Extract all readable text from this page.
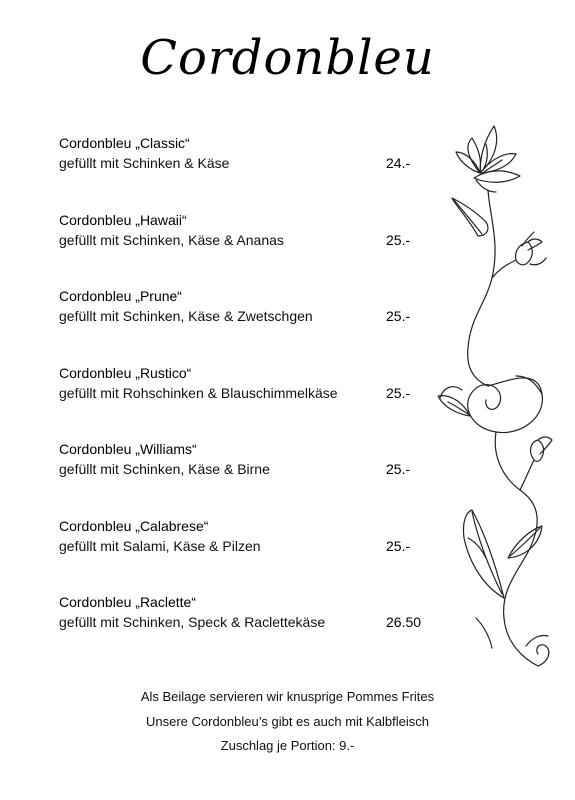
Cordonbleu
Cordonbleu „Classic“
gefüllt mit Schinken & Käse	24.-
Cordonbleu „Hawaii“
gefüllt mit Schinken, Käse & Ananas	25.-
Cordonbleu „Prune“
gefüllt mit Schinken, Käse & Zwetschgen	25.-
Cordonbleu „Rustico“
gefüllt mit Rohschinken & Blauschimmelkäse	25.-
Cordonbleu „Williams“
gefüllt mit Schinken, Käse & Birne	25.-
Cordonbleu „Calabrese“
gefüllt mit Salami, Käse & Pilzen	25.-
Cordonbleu „Raclette“
gefüllt mit Schinken, Speck & Raclettekäse	26.50
Als Beilage servieren wir knusprige Pommes Frites
Unsere Cordonbleu’s gibt es auch mit Kalbfleisch
Zuschlag je Portion: 9.-
